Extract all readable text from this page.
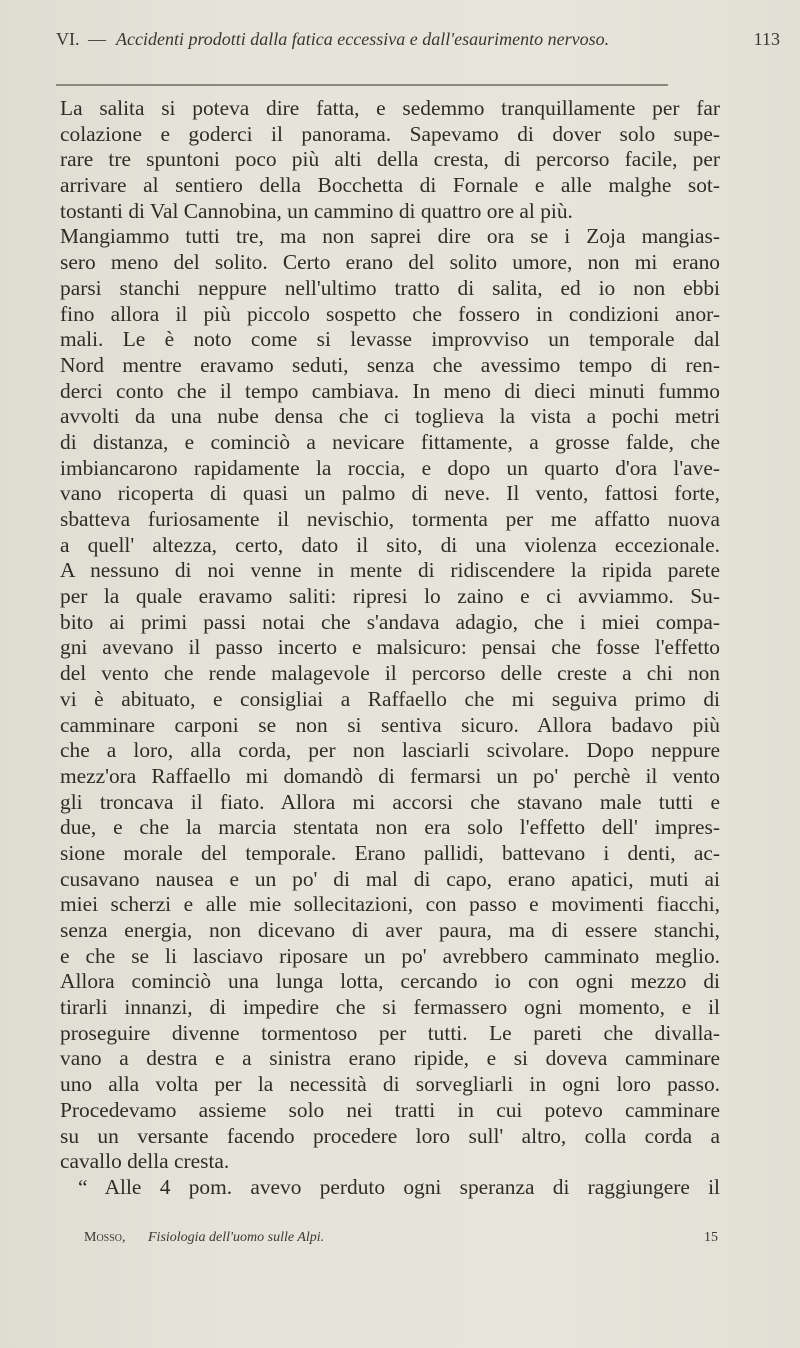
VI. — Accidenti prodotti dalla fatica eccessiva e dall'esaurimento nervoso.	113
La salita si poteva dire fatta, e sedemmo tranquillamente per far
colazione e goderci il panorama. Sapevamo di dover solo supe-
rare tre spuntoni poco più alti della cresta, di percorso facile, per
arrivare al sentiero della Bocchetta di Fornale e alle malghe sot-
tostanti di Val Cannobina, un cammino di quattro ore al più.
Mangiammo tutti tre, ma non saprei dire ora se i Zoja mangias-
sero meno del solito. Certo erano del solito umore, non mi erano
parsi stanchi neppure nell'ultimo tratto di salita, ed io non ebbi
fino allora il più piccolo sospetto che fossero in condizioni anor-
mali. Le è noto come si levasse improvviso un temporale dal
Nord mentre eravamo seduti, senza che avessimo tempo di ren-
derci conto che il tempo cambiava. In meno di dieci minuti fummo
avvolti da una nube densa che ci toglieva la vista a pochi metri
di distanza, e cominciò a nevicare fittamente, a grosse falde, che
imbiancarono rapidamente la roccia, e dopo un quarto d'ora l'ave-
vano ricoperta di quasi un palmo di neve. Il vento, fattosi forte,
sbatteva furiosamente il nevischio, tormenta per me affatto nuova
a quell' altezza, certo, dato il sito, di una violenza eccezionale.
A nessuno di noi venne in mente di ridiscendere la ripida parete
per la quale eravamo saliti: ripresi lo zaino e ci avviammo. Su-
bito ai primi passi notai che s'andava adagio, che i miei compa-
gni avevano il passo incerto e malsicuro: pensai che fosse l'effetto
del vento che rende malagevole il percorso delle creste a chi non
vi è abituato, e consigliai a Raffaello che mi seguiva primo di
camminare carponi se non si sentiva sicuro. Allora badavo più
che a loro, alla corda, per non lasciarli scivolare. Dopo neppure
mezz'ora Raffaello mi domandò di fermarsi un po' perchè il vento
gli troncava il fiato. Allora mi accorsi che stavano male tutti e
due, e che la marcia stentata non era solo l'effetto dell' impres-
sione morale del temporale. Erano pallidi, battevano i denti, ac-
cusavano nausea e un po' di mal di capo, erano apatici, muti ai
miei scherzi e alle mie sollecitazioni, con passo e movimenti fiacchi,
senza energia, non dicevano di aver paura, ma di essere stanchi,
e che se li lasciavo riposare un po' avrebbero camminato meglio.
Allora cominciò una lunga lotta, cercando io con ogni mezzo di
tirarli innanzi, di impedire che si fermassero ogni momento, e il
proseguire divenne tormentoso per tutti. Le pareti che divalla-
vano a destra e a sinistra erano ripide, e si doveva camminare
uno alla volta per la necessità di sorvegliarli in ogni loro passo.
Procedevamo assieme solo nei tratti in cui potevo camminare
su un versante facendo procedere loro sull' altro, colla corda a
cavallo della cresta.
“ Alle 4 pom. avevo perduto ogni speranza di raggiungere il
Mosso, Fisiologia dell'uomo sulle Alpi.	15
